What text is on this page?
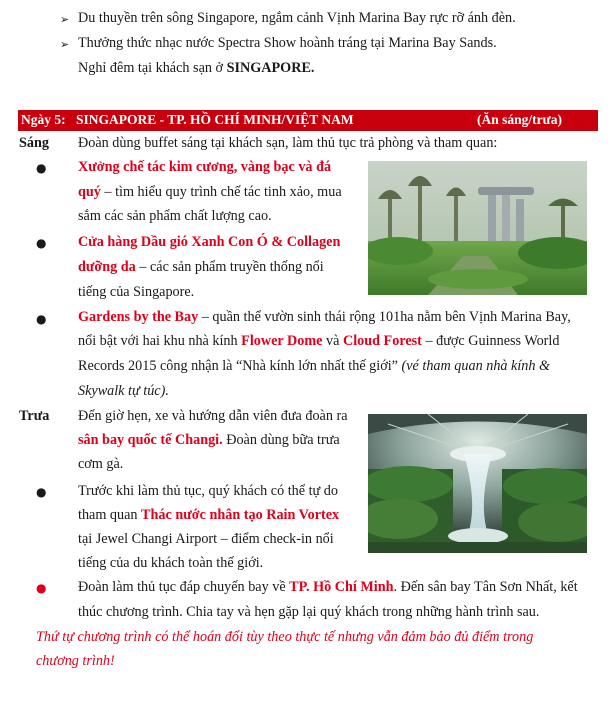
➢ Du thuyền trên sông Singapore, ngắm cảnh Vịnh Marina Bay rực rỡ ánh đèn.
➢ Thưởng thức nhạc nước Spectra Show hoành tráng tại Marina Bay Sands.
Nghỉ đêm tại khách sạn ở SINGAPORE.
Ngày 5: SINGAPORE - TP. HỒ CHÍ MINH/VIỆT NAM	(Ăn sáng/trưa)
Sáng Đoàn dùng buffet sáng tại khách sạn, làm thủ tục trả phòng và tham quan:
● Xưởng chế tác kim cương, vàng bạc và đá
quý – tìm hiểu quy trình chế tác tinh xảo, mua
sắm các sản phẩm chất lượng cao.
● Cửa hàng Dầu gió Xanh Con Ó & Collagen
dưỡng da – các sản phẩm truyền thống nổi
tiếng của Singapore.
● Gardens by the Bay – quần thể vườn sinh thái rộng 101ha nằm bên Vịnh Marina Bay,
nổi bật với hai khu nhà kính Flower Dome và Cloud Forest – được Guinness World
Records 2015 công nhận là “Nhà kính lớn nhất thế giới” (vé tham quan nhà kính &
Skywalk tự túc).
Trưa Đến giờ hẹn, xe và hướng dẫn viên đưa đoàn ra
sân bay quốc tế Changi. Đoàn dùng bữa trưa
cơm gà.
● Trước khi làm thủ tục, quý khách có thể tự do
tham quan Thác nước nhân tạo Rain Vortex
tại Jewel Changi Airport – điểm check-in nổi
tiếng của du khách toàn thế giới.
● Đoàn làm thủ tục đáp chuyến bay về TP. Hồ Chí Minh. Đến sân bay Tân Sơn Nhất, kết
thúc chương trình. Chia tay và hẹn gặp lại quý khách trong những hành trình sau.
Thứ tự chương trình có thể hoán đổi tùy theo thực tế nhưng vẫn đảm bảo đủ điểm trong
chương trình!
